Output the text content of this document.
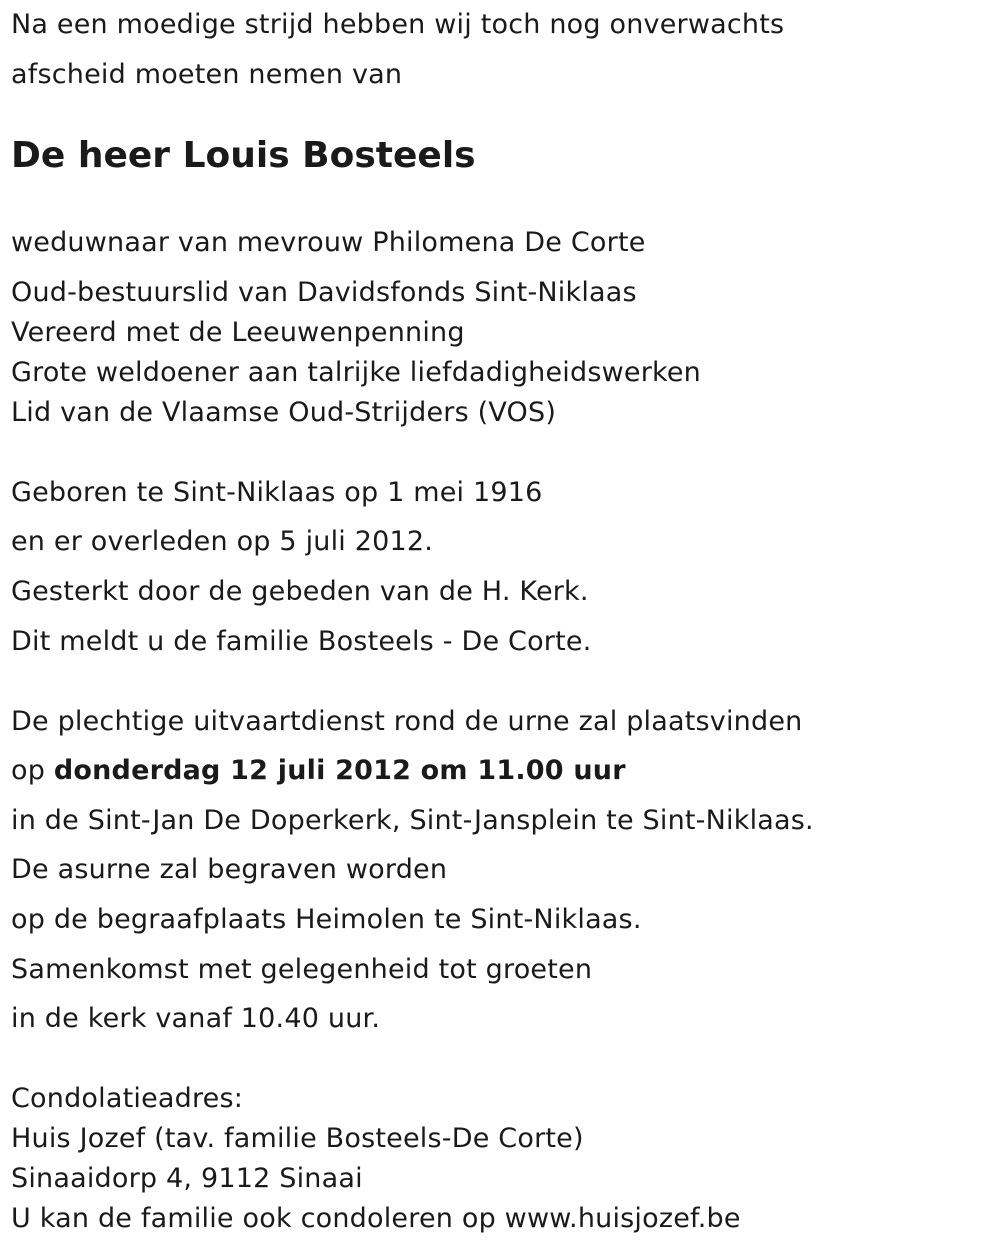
Na een moedige strijd hebben wij toch nog onverwachts
afscheid moeten nemen van
De heer Louis Bosteels
weduwnaar van mevrouw Philomena De Corte
Oud-bestuurslid van Davidsfonds Sint-Niklaas
Vereerd met de Leeuwenpenning
Grote weldoener aan talrijke liefdadigheidswerken
Lid van de Vlaamse Oud-Strijders (VOS)
Geboren te Sint-Niklaas op 1 mei 1916
en er overleden op 5 juli 2012.
Gesterkt door de gebeden van de H. Kerk.
Dit meldt u de familie Bosteels - De Corte.
De plechtige uitvaartdienst rond de urne zal plaatsvinden
op donderdag 12 juli 2012 om 11.00 uur
in de Sint-Jan De Doperkerk, Sint-Jansplein te Sint-Niklaas.
De asurne zal begraven worden
op de begraafplaats Heimolen te Sint-Niklaas.
Samenkomst met gelegenheid tot groeten
in de kerk vanaf 10.40 uur.
Condolatieadres:
Huis Jozef (tav. familie Bosteels-De Corte)
Sinaaidorp 4, 9112 Sinaai
U kan de familie ook condoleren op www.huisjozef.be
